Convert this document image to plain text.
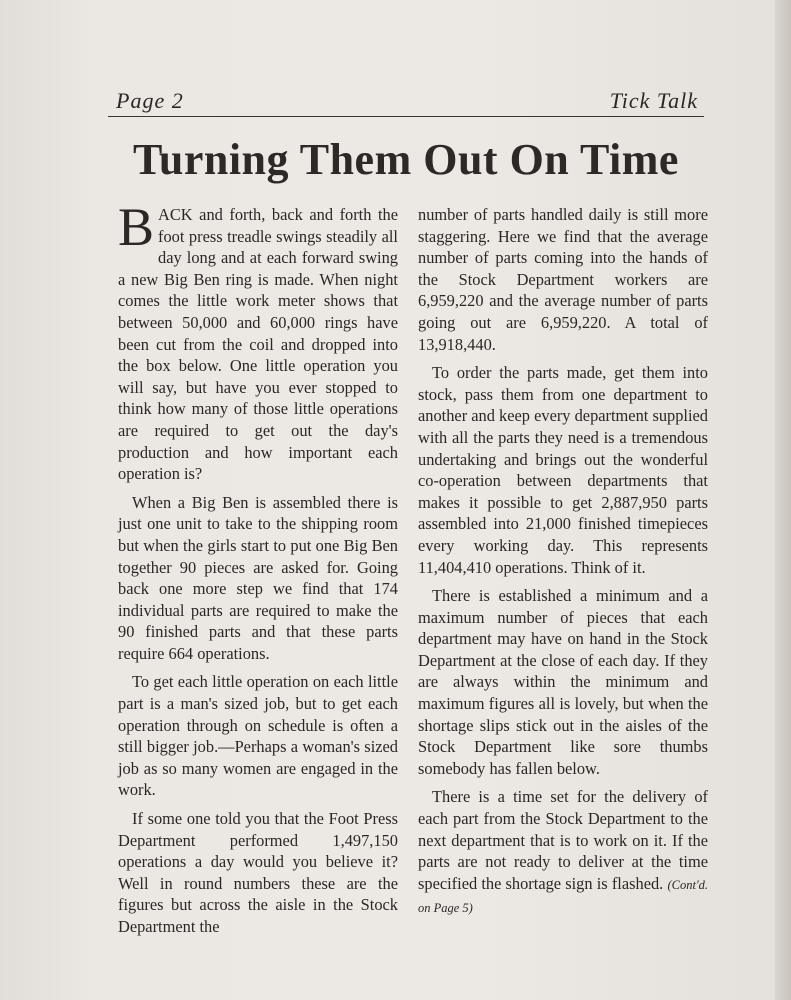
Page 2	Tick Talk
Turning Them Out On Time

BACK and forth, back and forth the foot press treadle swings steadily all day long and at each forward swing a new Big Ben ring is made. When night comes the little work meter shows that between 50,000 and 60,000 rings have been cut from the coil and dropped into the box below. One little operation you will say, but have you ever stopped to think how many of those little operations are required to get out the day's production and how important each operation is?

When a Big Ben is assembled there is just one unit to take to the shipping room but when the girls start to put one Big Ben together 90 pieces are asked for. Going back one more step we find that 174 individual parts are required to make the 90 finished parts and that these parts require 664 operations.

To get each little operation on each little part is a man's sized job, but to get each operation through on schedule is often a still bigger job.—Perhaps a woman's sized job as so many women are engaged in the work.

If some one told you that the Foot Press Department performed 1,497,150 operations a day would you believe it? Well in round numbers these are the figures but across the aisle in the Stock Department the

number of parts handled daily is still more staggering. Here we find that the average number of parts coming into the hands of the Stock Department workers are 6,959,220 and the average number of parts going out are 6,959,220. A total of 13,918,440.

To order the parts made, get them into stock, pass them from one department to another and keep every department supplied with all the parts they need is a tremendous undertaking and brings out the wonderful co-operation between departments that makes it possible to get 2,887,950 parts assembled into 21,000 finished timepieces every working day. This represents 11,404,410 operations. Think of it.

There is established a minimum and a maximum number of pieces that each department may have on hand in the Stock Department at the close of each day. If they are always within the minimum and maximum figures all is lovely, but when the shortage slips stick out in the aisles of the Stock Department like sore thumbs somebody has fallen below.

There is a time set for the delivery of each part from the Stock Department to the next department that is to work on it. If the parts are not ready to deliver at the time specified the shortage sign is flashed. (Cont'd. on Page 5)
